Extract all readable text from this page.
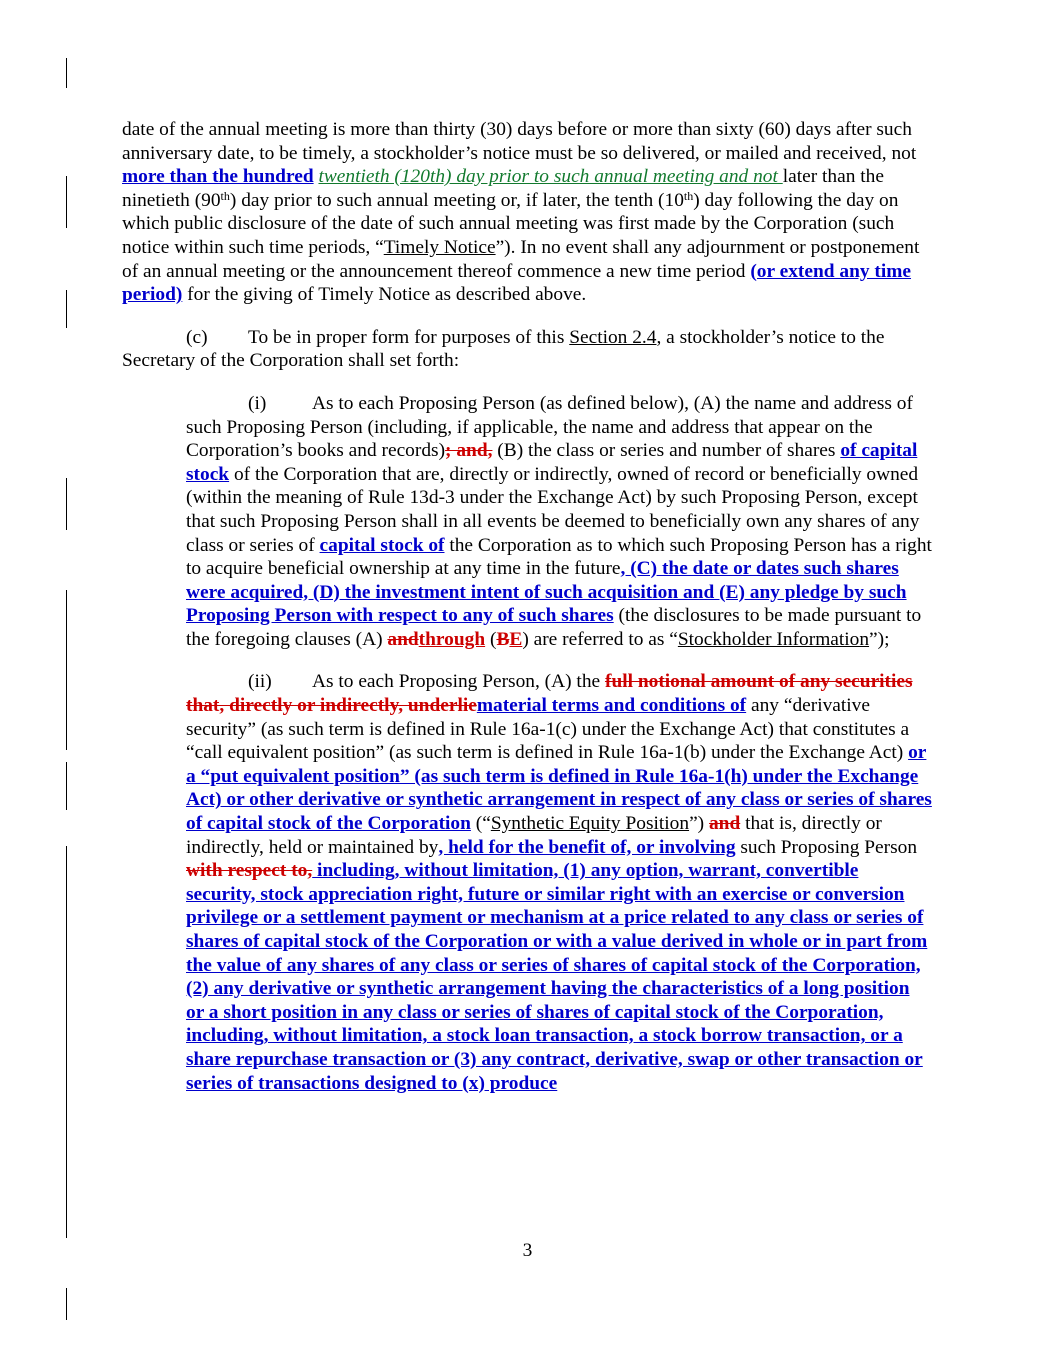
date of the annual meeting is more than thirty (30) days before or more than sixty (60) days after such anniversary date, to be timely, a stockholder’s notice must be so delivered, or mailed and received, not more than the hundred twentieth (120th) day prior to such annual meeting and not later than the ninetieth (90th) day prior to such annual meeting or, if later, the tenth (10th) day following the day on which public disclosure of the date of such annual meeting was first made by the Corporation (such notice within such time periods, “Timely Notice”). In no event shall any adjournment or postponement of an annual meeting or the announcement thereof commence a new time period (or extend any time period) for the giving of Timely Notice as described above.

(c) To be in proper form for purposes of this Section 2.4, a stockholder’s notice to the Secretary of the Corporation shall set forth:

(i) As to each Proposing Person (as defined below), (A) the name and address of such Proposing Person (including, if applicable, the name and address that appear on the Corporation’s books and records); and, (B) the class or series and number of shares of capital stock of the Corporation that are, directly or indirectly, owned of record or beneficially owned (within the meaning of Rule 13d-3 under the Exchange Act) by such Proposing Person, except that such Proposing Person shall in all events be deemed to beneficially own any shares of any class or series of capital stock of the Corporation as to which such Proposing Person has a right to acquire beneficial ownership at any time in the future, (C) the date or dates such shares were acquired, (D) the investment intent of such acquisition and (E) any pledge by such Proposing Person with respect to any of such shares (the disclosures to be made pursuant to the foregoing clauses (A) andthrough (BE) are referred to as “Stockholder Information”);

(ii) As to each Proposing Person, (A) the full notional amount of any securities that, directly or indirectly, underliematerial terms and conditions of any “derivative security” (as such term is defined in Rule 16a-1(c) under the Exchange Act) that constitutes a “call equivalent position” (as such term is defined in Rule 16a-1(b) under the Exchange Act) or a “put equivalent position” (as such term is defined in Rule 16a-1(h) under the Exchange Act) or other derivative or synthetic arrangement in respect of any class or series of shares of capital stock of the Corporation (“Synthetic Equity Position”) and that is, directly or indirectly, held or maintained by, held for the benefit of, or involving such Proposing Person with respect to, including, without limitation, (1) any option, warrant, convertible security, stock appreciation right, future or similar right with an exercise or conversion privilege or a settlement payment or mechanism at a price related to any class or series of shares of capital stock of the Corporation or with a value derived in whole or in part from the value of any shares of any class or series of shares of capital stock of the Corporation, (2) any derivative or synthetic arrangement having the characteristics of a long position or a short position in any class or series of shares of capital stock of the Corporation, including, without limitation, a stock loan transaction, a stock borrow transaction, or a share repurchase transaction or (3) any contract, derivative, swap or other transaction or series of transactions designed to (x) produce

3
